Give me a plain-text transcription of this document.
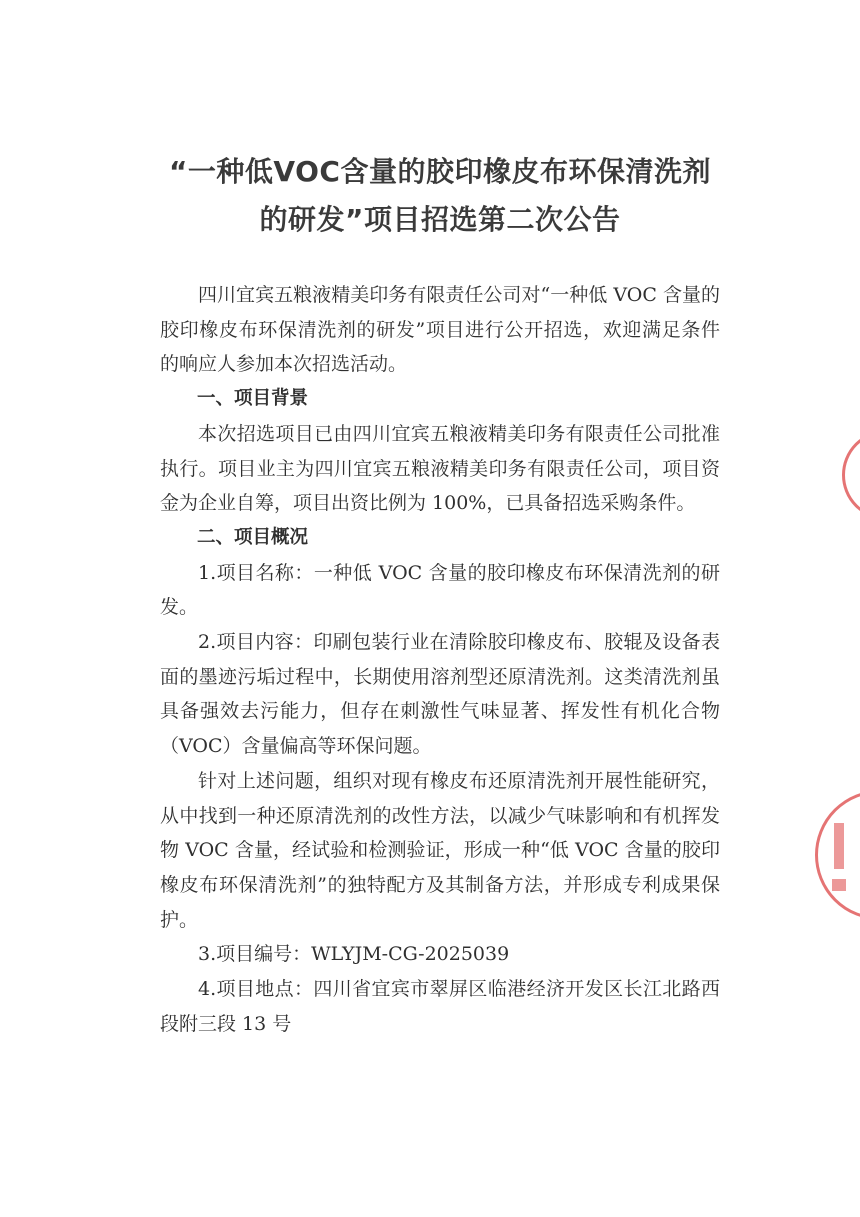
“一种低VOC含量的胶印橡皮布环保清洗剂
的研发”项目招选第二次公告

四川宜宾五粮液精美印务有限责任公司对“一种低 VOC 含量的胶印橡皮布环保清洗剂的研发”项目进行公开招选，欢迎满足条件的响应人参加本次招选活动。

一、项目背景

本次招选项目已由四川宜宾五粮液精美印务有限责任公司批准执行。项目业主为四川宜宾五粮液精美印务有限责任公司，项目资金为企业自筹，项目出资比例为 100%，已具备招选采购条件。

二、项目概况

1.项目名称：一种低 VOC 含量的胶印橡皮布环保清洗剂的研发。

2.项目内容：印刷包装行业在清除胶印橡皮布、胶辊及设备表面的墨迹污垢过程中，长期使用溶剂型还原清洗剂。这类清洗剂虽具备强效去污能力，但存在刺激性气味显著、挥发性有机化合物（VOC）含量偏高等环保问题。

针对上述问题，组织对现有橡皮布还原清洗剂开展性能研究，从中找到一种还原清洗剂的改性方法，以减少气味影响和有机挥发物 VOC 含量，经试验和检测验证，形成一种“低 VOC 含量的胶印橡皮布环保清洗剂”的独特配方及其制备方法，并形成专利成果保护。

3.项目编号：WLYJM-CG-2025039

4.项目地点：四川省宜宾市翠屏区临港经济开发区长江北路西段附三段 13 号
